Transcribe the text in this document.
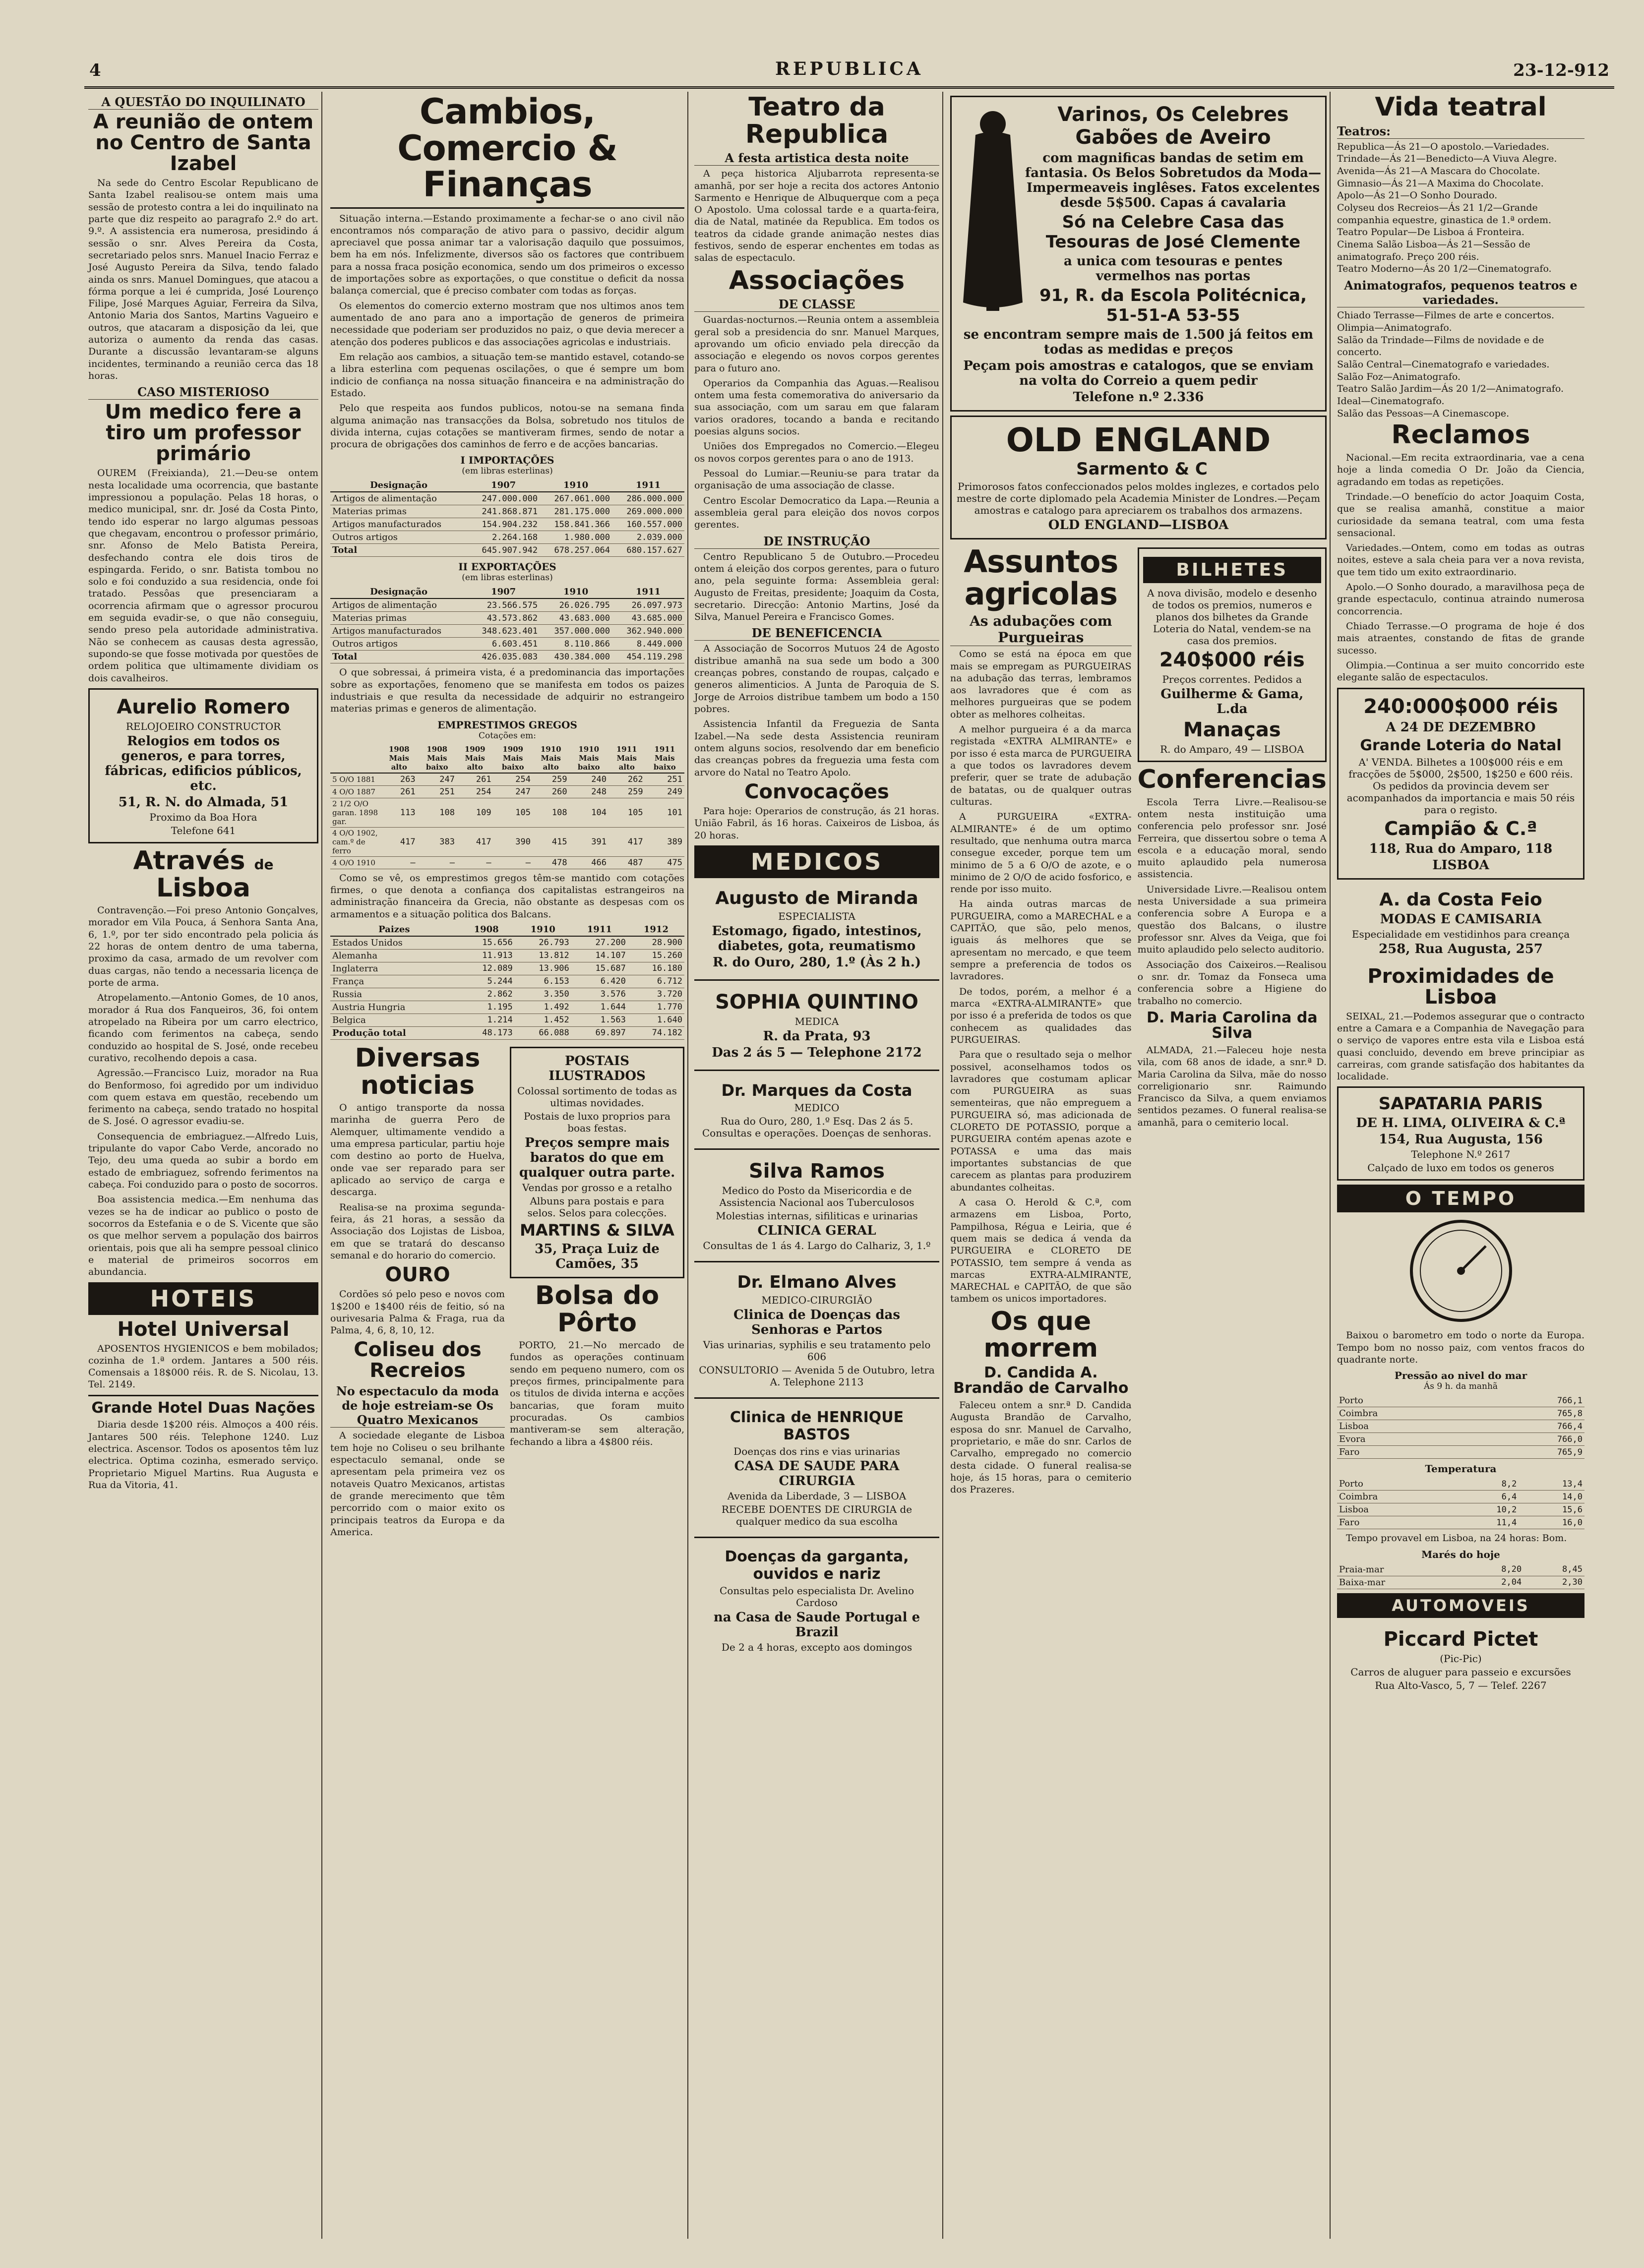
4	REPUBLICA	23-12-912
A QUESTÃO DO INQUILINATO
A reunião de ontem no Centro de Santa Izabel

Na sede do Centro Escolar Republicano de Santa Izabel realisou-se ontem mais uma sessão de protesto contra a lei do inquilinato na parte que diz respeito ao paragrafo 2.º do art. 9.º. A assistencia era numerosa, presidindo á sessão o snr. Alves Pereira da Costa, secretariado pelos snrs. Manuel Inacio Ferraz e José Augusto Pereira da Silva, tendo falado ainda os snrs. Manuel Domingues, que atacou a fórma porque a lei é cumprida, José Lourenço Filipe, José Marques Aguiar, Ferreira da Silva, Antonio Maria dos Santos, Martins Vagueiro e outros, que atacaram a disposição da lei, que autoriza o aumento da renda das casas. Durante a discussão levantaram-se alguns incidentes, terminando a reunião cerca das 18 horas.

CASO MISTERIOSO
Um medico fere a tiro um professor primário

OUREM (Freixianda), 21.—Deu-se ontem nesta localidade uma ocorrencia, que bastante impressionou a população. Pelas 18 horas, o medico municipal, snr. dr. José da Costa Pinto, tendo ido esperar no largo algumas pessoas que chegavam, encontrou o professor primário, snr. Afonso de Melo Batista Pereira, desfechando contra ele dois tiros de espingarda. Ferido, o snr. Batista tombou no solo e foi conduzido a sua residencia, onde foi tratado. Pessôas que presenciaram a ocorrencia afirmam que o agressor procurou em seguida evadir-se, o que não conseguiu, sendo preso pela autoridade administrativa. Não se conhecem as causas desta agressão, supondo-se que fosse motivada por questões de ordem politica que ultimamente dividiam os dois cavalheiros.

Aurelio Romero
RELOJOEIRO CONSTRUCTOR
Relogios em todos os generos, e para torres, fábricas, edificios públicos, etc.
51, R. N. do Almada, 51
Proximo da Boa Hora
Telefone 641
Através de Lisboa

Contravenção.—Foi preso Antonio Gonçalves, morador em Vila Pouca, á Senhora Santa Ana, 6, 1.º, por ter sido encontrado pela policia ás 22 horas de ontem dentro de uma taberna, proximo da casa, armado de um revolver com duas cargas, não tendo a necessaria licença de porte de arma.

Atropelamento.—Antonio Gomes, de 10 anos, morador á Rua dos Fanqueiros, 36, foi ontem atropelado na Ribeira por um carro electrico, ficando com ferimentos na cabeça, sendo conduzido ao hospital de S. José, onde recebeu curativo, recolhendo depois a casa.

Agressão.—Francisco Luiz, morador na Rua do Benformoso, foi agredido por um individuo com quem estava em questão, recebendo um ferimento na cabeça, sendo tratado no hospital de S. José. O agressor evadiu-se.

Consequencia de embriaguez.—Alfredo Luis, tripulante do vapor Cabo Verde, ancorado no Tejo, deu uma queda ao subir a bordo em estado de embriaguez, sofrendo ferimentos na cabeça. Foi conduzido para o posto de socorros.

Boa assistencia medica.—Em nenhuma das vezes se ha de indicar ao publico o posto de socorros da Estefania e o de S. Vicente que são os que melhor servem a população dos bairros orientais, pois que ali ha sempre pessoal clinico e material de primeiros socorros em abundancia.

HOTEIS
Hotel Universal

APOSENTOS HYGIENICOS e bem mobilados; cozinha de 1.ª ordem. Jantares a 500 réis. Comensais a 18$000 réis. R. de S. Nicolau, 13. Tel. 2149.

Grande Hotel Duas Nações

Diaria desde 1$200 réis. Almoços a 400 réis. Jantares 500 réis. Telephone 1240. Luz electrica. Ascensor. Todos os aposentos têm luz electrica. Optima cozinha, esmerado serviço. Proprietario Miguel Martins. Rua Augusta e Rua da Vitoria, 41.

Cambios, Comercio & Finanças

Situação interna.—Estando proximamente a fechar-se o ano civil não encontramos nós comparação de ativo para o passivo, decidir algum apreciavel que possa animar tar a valorisação daquilo que possuimos, bem ha em nós. Infelizmente, diversos são os factores que contribuem para a nossa fraca posição economica, sendo um dos primeiros o excesso de importações sobre as exportações, o que constitue o deficit da nossa balança comercial, que é preciso combater com todas as forças.

Os elementos do comercio externo mostram que nos ultimos anos tem aumentado de ano para ano a importação de generos de primeira necessidade que poderiam ser produzidos no paiz, o que devia merecer a atenção dos poderes publicos e das associações agricolas e industriais.

Em relação aos cambios, a situação tem-se mantido estavel, cotando-se a libra esterlina com pequenas oscilações, o que é sempre um bom indicio de confiança na nossa situação financeira e na administração do Estado.

Pelo que respeita aos fundos publicos, notou-se na semana finda alguma animação nas transacções da Bolsa, sobretudo nos titulos de divida interna, cujas cotações se mantiveram firmes, sendo de notar a procura de obrigações dos caminhos de ferro e de acções bancarias.

I IMPORTAÇÕES
(em libras esterlinas)
Designação	1907	1910	1911
Artigos de alimentação	247.000.000	267.061.000	286.000.000
Materias primas	241.868.871	281.175.000	269.000.000
Artigos manufacturados	154.904.232	158.841.366	160.557.000
Outros artigos	2.264.168	1.980.000	2.039.000
Total	645.907.942	678.257.064	680.157.627
II EXPORTAÇÕES
(em libras esterlinas)
Designação	1907	1910	1911
Artigos de alimentação	23.566.575	26.026.795	26.097.973
Materias primas	43.573.862	43.683.000	43.685.000
Artigos manufacturados	348.623.401	357.000.000	362.940.000
Outros artigos	6.603.451	8.110.866	8.449.000
Total	426.035.083	430.384.000	454.119.298

O que sobressai, á primeira vista, é a predominancia das importações sobre as exportações, fenomeno que se manifesta em todos os paizes industriais e que resulta da necessidade de adquirir no estrangeiro materias primas e generos de alimentação.

EMPRESTIMOS GREGOS
Cotações em:
	1908 Mais alto	1908 Mais baixo	1909 Mais alto	1909 Mais baixo	1910 Mais alto	1910 Mais baixo	1911 Mais alto	1911 Mais baixo
5 O/O 1881	263	247	261	254	259	240	262	251
4 O/O 1887	261	251	254	247	260	248	259	249
2 1/2 O/O garan. 1898 gar.	113	108	109	105	108	104	105	101
4 O/O 1902, cam.º de ferro	417	383	417	390	415	391	417	389
4 O/O 1910	—	—	—	—	478	466	487	475

Como se vê, os emprestimos gregos têm-se mantido com cotações firmes, o que denota a confiança dos capitalistas estrangeiros na administração financeira da Grecia, não obstante as despesas com os armamentos e a situação politica dos Balcans.

Paizes	1908	1910	1911	1912
Estados Unidos	15.656	26.793	27.200	28.900
Alemanha	11.913	13.812	14.107	15.260
Inglaterra	12.089	13.906	15.687	16.180
França	5.244	6.153	6.420	6.712
Russia	2.862	3.350	3.576	3.720
Austria Hungria	1.195	1.492	1.644	1.770
Belgica	1.214	1.452	1.563	1.640
Produção total	48.173	66.088	69.897	74.182
Diversas noticias

O antigo transporte da nossa marinha de guerra Pero de Alemquer, ultimamente vendido a uma empresa particular, partiu hoje com destino ao porto de Huelva, onde vae ser reparado para ser aplicado ao serviço de carga e descarga.

Realisa-se na proxima segunda-feira, ás 21 horas, a sessão da Associação dos Lojistas de Lisboa, em que se tratará do descanso semanal e do horario do comercio.

OURO

Cordões só pelo peso e novos com 1$200 e 1$400 réis de feitio, só na ourivesaria Palma & Fraga, rua da Palma, 4, 6, 8, 10, 12.

Coliseu dos Recreios
No espectaculo da moda de hoje estreiam-se Os Quatro Mexicanos

A sociedade elegante de Lisboa tem hoje no Coliseu o seu brilhante espectaculo semanal, onde se apresentam pela primeira vez os notaveis Quatro Mexicanos, artistas de grande merecimento que têm percorrido com o maior exito os principais teatros da Europa e da America.

POSTAIS ILUSTRADOS
Colossal sortimento de todas as ultimas novidades.
Postais de luxo proprios para boas festas.
Preços sempre mais baratos do que em qualquer outra parte.
Vendas por grosso e a retalho
Albuns para postais e para selos. Selos para colecções.
MARTINS & SILVA
35, Praça Luiz de Camões, 35
Bolsa do Pôrto

PORTO, 21.—No mercado de fundos as operações continuam sendo em pequeno numero, com os preços firmes, principalmente para os titulos de divida interna e acções bancarias, que foram muito procuradas. Os cambios mantiveram-se sem alteração, fechando a libra a 4$800 réis.

Teatro da Republica
A festa artistica desta noite

A peça historica Aljubarrota representa-se amanhã, por ser hoje a recita dos actores Antonio Sarmento e Henrique de Albuquerque com a peça O Apostolo. Uma colossal tarde e a quarta-feira, dia de Natal, matinée da Republica. Em todos os teatros da cidade grande animação nestes dias festivos, sendo de esperar enchentes em todas as salas de espectaculo.

Associações
DE CLASSE

Guardas-nocturnos.—Reunia ontem a assembleia geral sob a presidencia do snr. Manuel Marques, aprovando um oficio enviado pela direcção da associação e elegendo os novos corpos gerentes para o futuro ano.

Operarios da Companhia das Aguas.—Realisou ontem uma festa comemorativa do aniversario da sua associação, com um sarau em que falaram varios oradores, tocando a banda e recitando poesias alguns socios.

Uniões dos Empregados no Comercio.—Elegeu os novos corpos gerentes para o ano de 1913.

Pessoal do Lumiar.—Reuniu-se para tratar da organisação de uma associação de classe.

Centro Escolar Democratico da Lapa.—Reunia a assembleia geral para eleição dos novos corpos gerentes.

DE INSTRUÇÃO

Centro Republicano 5 de Outubro.—Procedeu ontem á eleição dos corpos gerentes, para o futuro ano, pela seguinte forma: Assembleia geral: Augusto de Freitas, presidente; Joaquim da Costa, secretario. Direcção: Antonio Martins, José da Silva, Manuel Pereira e Francisco Gomes.

DE BENEFICENCIA

A Associação de Socorros Mutuos 24 de Agosto distribue amanhã na sua sede um bodo a 300 creanças pobres, constando de roupas, calçado e generos alimenticios. A Junta de Paroquia de S. Jorge de Arroios distribue tambem um bodo a 150 pobres.

Assistencia Infantil da Freguezia de Santa Izabel.—Na sede desta Assistencia reuniram ontem alguns socios, resolvendo dar em beneficio das creanças pobres da freguezia uma festa com arvore do Natal no Teatro Apolo.

Convocações

Para hoje: Operarios de construção, ás 21 horas. União Fabril, ás 16 horas. Caixeiros de Lisboa, ás 20 horas.

MEDICOS
Augusto de Miranda
ESPECIALISTA
Estomago, figado, intestinos, diabetes, gota, reumatismo
R. do Ouro, 280, 1.º (Às 2 h.)
SOPHIA QUINTINO
MEDICA
R. da Prata, 93
Das 2 ás 5 — Telephone 2172
Dr. Marques da Costa
MEDICO
Rua do Ouro, 280, 1.º Esq. Das 2 ás 5. Consultas e operações. Doenças de senhoras.
Silva Ramos
Medico do Posto da Misericordia e de Assistencia Nacional aos Tuberculosos
Molestias internas, sifiliticas e urinarias
CLINICA GERAL
Consultas de 1 ás 4. Largo do Calhariz, 3, 1.º
Dr. Elmano Alves
MEDICO-CIRURGIÃO
Clinica de Doenças das Senhoras e Partos
Vias urinarias, syphilis e seu tratamento pelo 606
CONSULTORIO — Avenida 5 de Outubro, letra A. Telephone 2113
Clinica de HENRIQUE BASTOS
Doenças dos rins e vias urinarias
CASA DE SAUDE PARA CIRURGIA
Avenida da Liberdade, 3 — LISBOA
RECEBE DOENTES DE CIRURGIA de qualquer medico da sua escolha
Doenças da garganta, ouvidos e nariz
Consultas pelo especialista Dr. Avelino Cardoso
na Casa de Saude Portugal e Brazil
De 2 a 4 horas, excepto aos domingos
Varinos, Os Celebres Gabões de Aveiro
com magnificas bandas de setim em fantasia. Os Belos Sobretudos da Moda—Impermeaveis inglêses. Fatos excelentes desde 5$500. Capas á cavalaria
Só na Celebre Casa das Tesouras de José Clemente
a unica com tesouras e pentes vermelhos nas portas
91, R. da Escola Politécnica, 51-51-A 53-55
se encontram sempre mais de 1.500 já feitos em todas as medidas e preços
Peçam pois amostras e catalogos, que se enviam na volta do Correio a quem pedir
Telefone n.º 2.336
OLD ENGLAND Sarmento & C
Primorosos fatos confeccionados pelos moldes inglezes, e cortados pelo mestre de corte diplomado pela Academia Minister de Londres.—Peçam amostras e catalogo para apreciarem os trabalhos dos armazens.
OLD ENGLAND—LISBOA
Assuntos agricolas
As adubações com Purgueiras

Como se está na época em que mais se empregam as PURGUEIRAS na adubação das terras, lembramos aos lavradores que é com as melhores purgueiras que se podem obter as melhores colheitas.

A melhor purgueira é a da marca registada «EXTRA ALMIRANTE» e por isso é esta marca de PURGUEIRA a que todos os lavradores devem preferir, quer se trate de adubação de batatas, ou de qualquer outras culturas.

A PURGUEIRA «EXTRA-ALMIRANTE» é de um optimo resultado, que nenhuma outra marca consegue exceder, porque tem um minimo de 5 a 6 O/O de azote, e o minimo de 2 O/O de acido fosforico, e rende por isso muito.

Ha ainda outras marcas de PURGUEIRA, como a MARECHAL e a CAPITÃO, que são, pelo menos, iguais ás melhores que se apresentam no mercado, e que teem sempre a preferencia de todos os lavradores.

De todos, porém, a melhor é a marca «EXTRA-ALMIRANTE» que por isso é a preferida de todos os que conhecem as qualidades das PURGUEIRAS.

Para que o resultado seja o melhor possivel, aconselhamos todos os lavradores que costumam aplicar com PURGUEIRA as suas sementeiras, que não empreguem a PURGUEIRA só, mas adicionada de CLORETO DE POTASSIO, porque a PURGUEIRA contém apenas azote e POTASSA e uma das mais importantes substancias de que carecem as plantas para produzirem abundantes colheitas.

A casa O. Herold & C.ª, com armazens em Lisboa, Porto, Pampilhosa, Régua e Leiria, que é quem mais se dedica á venda da PURGUEIRA e CLORETO DE POTASSIO, tem sempre á venda as marcas EXTRA-ALMIRANTE, MARECHAL e CAPITÃO, de que são tambem os unicos importadores.

Os que morrem
D. Candida A. Brandão de Carvalho

Faleceu ontem a snr.ª D. Candida Augusta Brandão de Carvalho, esposa do snr. Manuel de Carvalho, proprietario, e mãe do snr. Carlos de Carvalho, empregado no comercio desta cidade. O funeral realisa-se hoje, ás 15 horas, para o cemiterio dos Prazeres.

BILHETES
A nova divisão, modelo e desenho de todos os premios, numeros e planos dos bilhetes da Grande Loteria do Natal, vendem-se na casa dos premios.
240$000 réis
Preços correntes. Pedidos a
Guilherme & Gama, L.da
Manaças
R. do Amparo, 49 — LISBOA
Conferencias

Escola Terra Livre.—Realisou-se ontem nesta instituição uma conferencia pelo professor snr. José Ferreira, que dissertou sobre o tema A escola e a educação moral, sendo muito aplaudido pela numerosa assistencia.

Universidade Livre.—Realisou ontem nesta Universidade a sua primeira conferencia sobre A Europa e a questão dos Balcans, o ilustre professor snr. Alves da Veiga, que foi muito aplaudido pelo selecto auditorio.

Associação dos Caixeiros.—Realisou o snr. dr. Tomaz da Fonseca uma conferencia sobre a Higiene do trabalho no comercio.

D. Maria Carolina da Silva

ALMADA, 21.—Faleceu hoje nesta vila, com 68 anos de idade, a snr.ª D. Maria Carolina da Silva, mãe do nosso correligionario snr. Raimundo Francisco da Silva, a quem enviamos sentidos pezames. O funeral realisa-se amanhã, para o cemiterio local.

Vida teatral
Teatros:

Republica—Ás 21—O apostolo.—Variedades.

Trindade—Ás 21—Benedicto—A Viuva Alegre.

Avenida—Ás 21—A Mascara do Chocolate.

Gimnasio—Ás 21—A Maxima do Chocolate.

Apolo—Ás 21—O Sonho Dourado.

Colyseu dos Recreios—Ás 21 1/2—Grande companhia equestre, ginastica de 1.ª ordem.

Teatro Popular—De Lisboa á Fronteira.

Cinema Salão Lisboa—Ás 21—Sessão de animatografo. Preço 200 réis.

Teatro Moderno—Ás 20 1/2—Cinematografo.

Animatografos, pequenos teatros e variedades.

Chiado Terrasse—Filmes de arte e concertos.

Olimpia—Animatografo.

Salão da Trindade—Films de novidade e de concerto.

Salão Central—Cinematografo e variedades.

Salão Foz—Animatografo.

Teatro Salão Jardim—Ás 20 1/2—Animatografo.

Ideal—Cinematografo.

Salão das Pessoas—A Cinemascope.

Reclamos

Nacional.—Em recita extraordinaria, vae a cena hoje a linda comedia O Dr. João da Ciencia, agradando em todas as repetições.

Trindade.—O benefício do actor Joaquim Costa, que se realisa amanhã, constitue a maior curiosidade da semana teatral, com uma festa sensacional.

Variedades.—Ontem, como em todas as outras noites, esteve a sala cheia para ver a nova revista, que tem tido um exito extraordinario.

Apolo.—O Sonho dourado, a maravilhosa peça de grande espectaculo, continua atraindo numerosa concorrencia.

Chiado Terrasse.—O programa de hoje é dos mais atraentes, constando de fitas de grande sucesso.

Olimpia.—Continua a ser muito concorrido este elegante salão de espectaculos.

240:000$000 réis
A 24 DE DEZEMBRO
Grande Loteria do Natal
A' VENDA. Bilhetes a 100$000 réis e em fracções de 5$000, 2$500, 1$250 e 600 réis. Os pedidos da provincia devem ser acompanhados da importancia e mais 50 réis para o registo.
Campião & C.ª
118, Rua do Amparo, 118
LISBOA
A. da Costa Feio
MODAS E CAMISARIA
Especialidade em vestidinhos para creança
258, Rua Augusta, 257
Proximidades de Lisboa

SEIXAL, 21.—Podemos assegurar que o contracto entre a Camara e a Companhia de Navegação para o serviço de vapores entre esta vila e Lisboa está quasi concluido, devendo em breve principiar as carreiras, com grande satisfação dos habitantes da localidade.

SAPATARIA PARIS
DE H. LIMA, OLIVEIRA & C.ª
154, Rua Augusta, 156
Telephone N.º 2617
Calçado de luxo em todos os generos
O TEMPO

Baixou o barometro em todo o norte da Europa. Tempo bom no nosso paiz, com ventos fracos do quadrante norte.

Pressão ao nivel do mar
Ás 9 h. da manhã
Porto	766,1
Coimbra	765,8
Lisboa	766,4
Evora	766,0
Faro	765,9
Temperatura
Porto	8,2	13,4
Coimbra	6,4	14,0
Lisboa	10,2	15,6
Faro	11,4	16,0

Tempo provavel em Lisboa, na 24 horas: Bom.

Marés do hoje
Praia-mar	8,20	8,45
Baixa-mar	2,04	2,30
AUTOMOVEIS
Piccard Pictet
(Pic-Pic)
Carros de aluguer para passeio e excursões
Rua Alto-Vasco, 5, 7 — Telef. 2267
